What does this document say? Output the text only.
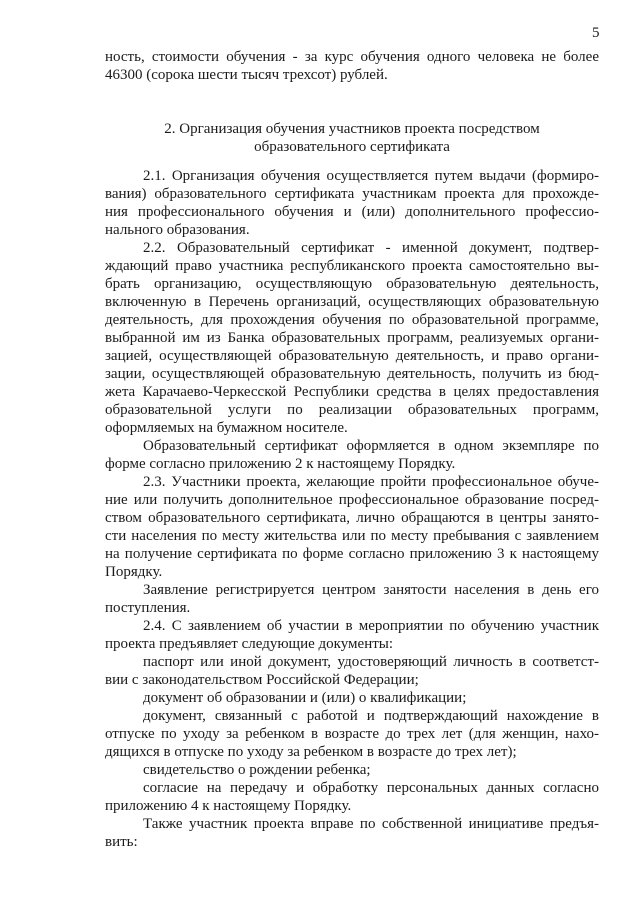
5
ность, стоимости обучения - за курс обучения одного человека не более
46300 (сорока шести тысяч трехсот) рублей.
2. Организация обучения участников проекта посредством
образовательного сертификата
2.1. Организация обучения осуществляется путем выдачи (формиро-
вания) образовательного сертификата участникам проекта для прохожде-
ния профессионального обучения и (или) дополнительного профессио-
нального образования.
2.2. Образовательный сертификат - именной документ, подтвер-
ждающий право участника республиканского проекта самостоятельно вы-
брать организацию, осуществляющую образовательную деятельность,
включенную в Перечень организаций, осуществляющих образовательную
деятельность, для прохождения обучения по образовательной программе,
выбранной им из Банка образовательных программ, реализуемых органи-
зацией, осуществляющей образовательную деятельность, и право органи-
зации, осуществляющей образовательную деятельность, получить из бюд-
жета Карачаево-Черкесской Республики средства в целях предоставления
образовательной услуги по реализации образовательных программ,
оформляемых на бумажном носителе.
Образовательный сертификат оформляется в одном экземпляре по
форме согласно приложению 2 к настоящему Порядку.
2.3. Участники проекта, желающие пройти профессиональное обуче-
ние или получить дополнительное профессиональное образование посред-
ством образовательного сертификата, лично обращаются в центры занято-
сти населения по месту жительства или по месту пребывания с заявлением
на получение сертификата по форме согласно приложению 3 к настоящему
Порядку.
Заявление регистрируется центром занятости населения в день его
поступления.
2.4. С заявлением об участии в мероприятии по обучению участник
проекта предъявляет следующие документы:
паспорт или иной документ, удостоверяющий личность в соответст-
вии с законодательством Российской Федерации;
документ об образовании и (или) о квалификации;
документ, связанный с работой и подтверждающий нахождение в
отпуске по уходу за ребенком в возрасте до трех лет (для женщин, нахо-
дящихся в отпуске по уходу за ребенком в возрасте до трех лет);
свидетельство о рождении ребенка;
согласие на передачу и обработку персональных данных согласно
приложению 4 к настоящему Порядку.
Также участник проекта вправе по собственной инициативе предъя-
вить:
